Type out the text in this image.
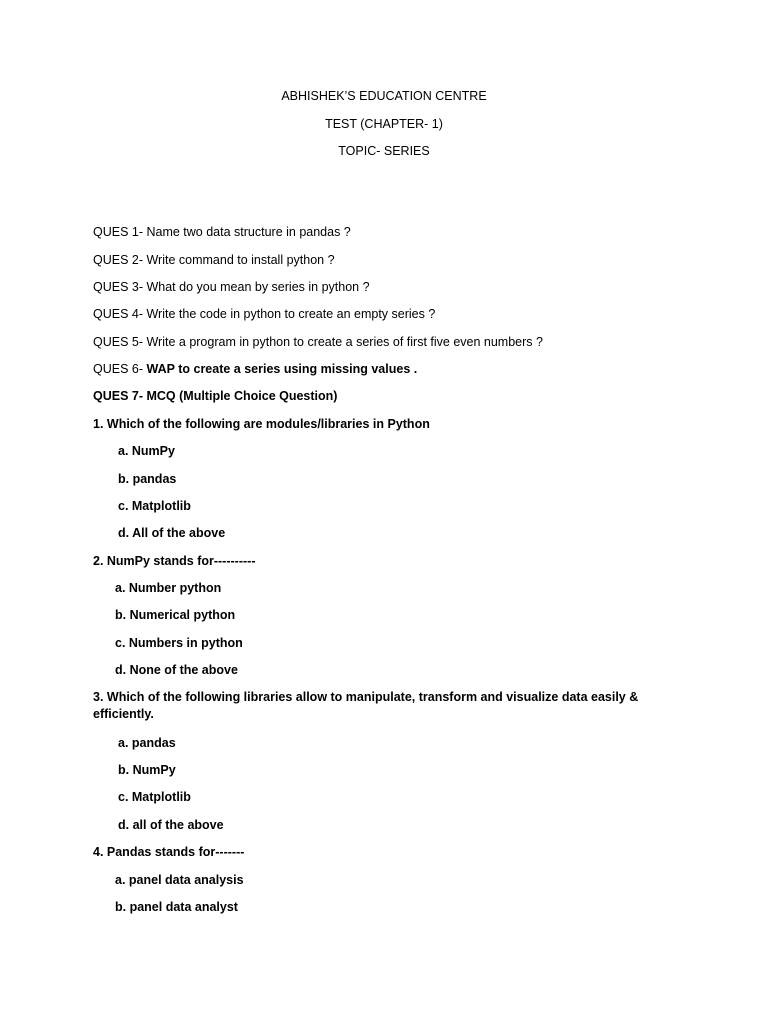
ABHISHEK’S EDUCATION CENTRE
TEST (CHAPTER- 1)
TOPIC- SERIES
QUES 1- Name two data structure in pandas ?
QUES 2- Write command to install python ?
QUES 3- What do you mean by series in python ?
QUES 4- Write the code in python to create an empty series ?
QUES 5- Write a program in python to create a series of first five even numbers ?
QUES 6- WAP to create a series using missing values .
QUES 7- MCQ (Multiple Choice Question)
1. Which of the following are modules/libraries in Python
a. NumPy
b. pandas
c. Matplotlib
d. All of the above
2. NumPy stands for----------
a. Number python
b. Numerical python
c. Numbers in python
d. None of the above
3. Which of the following libraries allow to manipulate, transform and visualize data easily & efficiently.
a. pandas
b. NumPy
c. Matplotlib
d. all of the above
4. Pandas stands for-------
a. panel data analysis
b. panel data analyst
